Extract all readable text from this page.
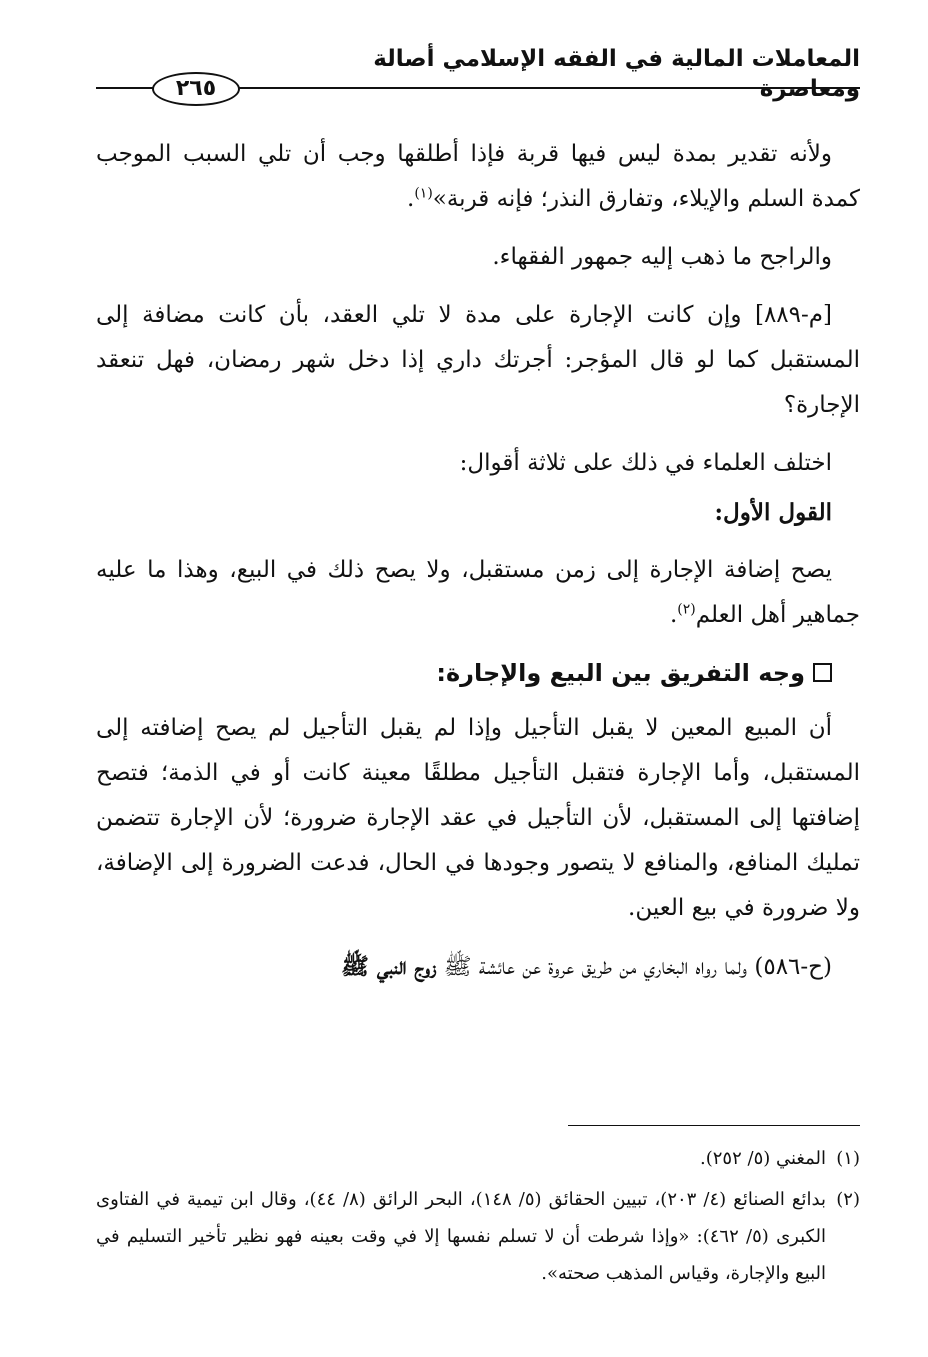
المعاملات المالية في الفقه الإسلامي أصالة ومعاصرة
٢٦٥

ولأنه تقدير بمدة ليس فيها قربة فإذا أطلقها وجب أن تلي السبب الموجب كمدة السلم والإيلاء، وتفارق النذر؛ فإنه قربة»$^{(١)}$.

والراجح ما ذهب إليه جمهور الفقهاء.

[م-٨٨٩] وإن كانت الإجارة على مدة لا تلي العقد، بأن كانت مضافة إلى المستقبل كما لو قال المؤجر: أجرتك داري إذا دخل شهر رمضان، فهل تنعقد الإجارة؟

اختلف العلماء في ذلك على ثلاثة أقوال:

القول الأول:

يصح إضافة الإجارة إلى زمن مستقبل، ولا يصح ذلك في البيع، وهذا ما عليه جماهير أهل العلم$^{(٢)}$.

وجه التفريق بين البيع والإجارة:

أن المبيع المعين لا يقبل التأجيل وإذا لم يقبل التأجيل لم يصح إضافته إلى المستقبل، وأما الإجارة فتقبل التأجيل مطلقًا معينة كانت أو في الذمة؛ فتصح إضافتها إلى المستقبل، لأن التأجيل في عقد الإجارة ضرورة؛ لأن الإجارة تتضمن تمليك المنافع، والمنافع لا يتصور وجودها في الحال، فدعت الضرورة إلى الإضافة، ولا ضرورة في بيع العين.

(ح-٥٨٦) ولما رواه البخاري من طريق عروة عن عائشة ﷺ زوج النبي ﷺ

(١)
المغني (٥/ ٢٥٢).
(٢)
بدائع الصنائع (٤/ ٢٠٣)، تبيين الحقائق (٥/ ١٤٨)، البحر الرائق (٨/ ٤٤)، وقال ابن تيمية في الفتاوى الكبرى (٥/ ٤٦٢): «وإذا شرطت أن لا تسلم نفسها إلا في وقت بعينه فهو نظير تأخير التسليم في البيع والإجارة، وقياس المذهب صحته».
